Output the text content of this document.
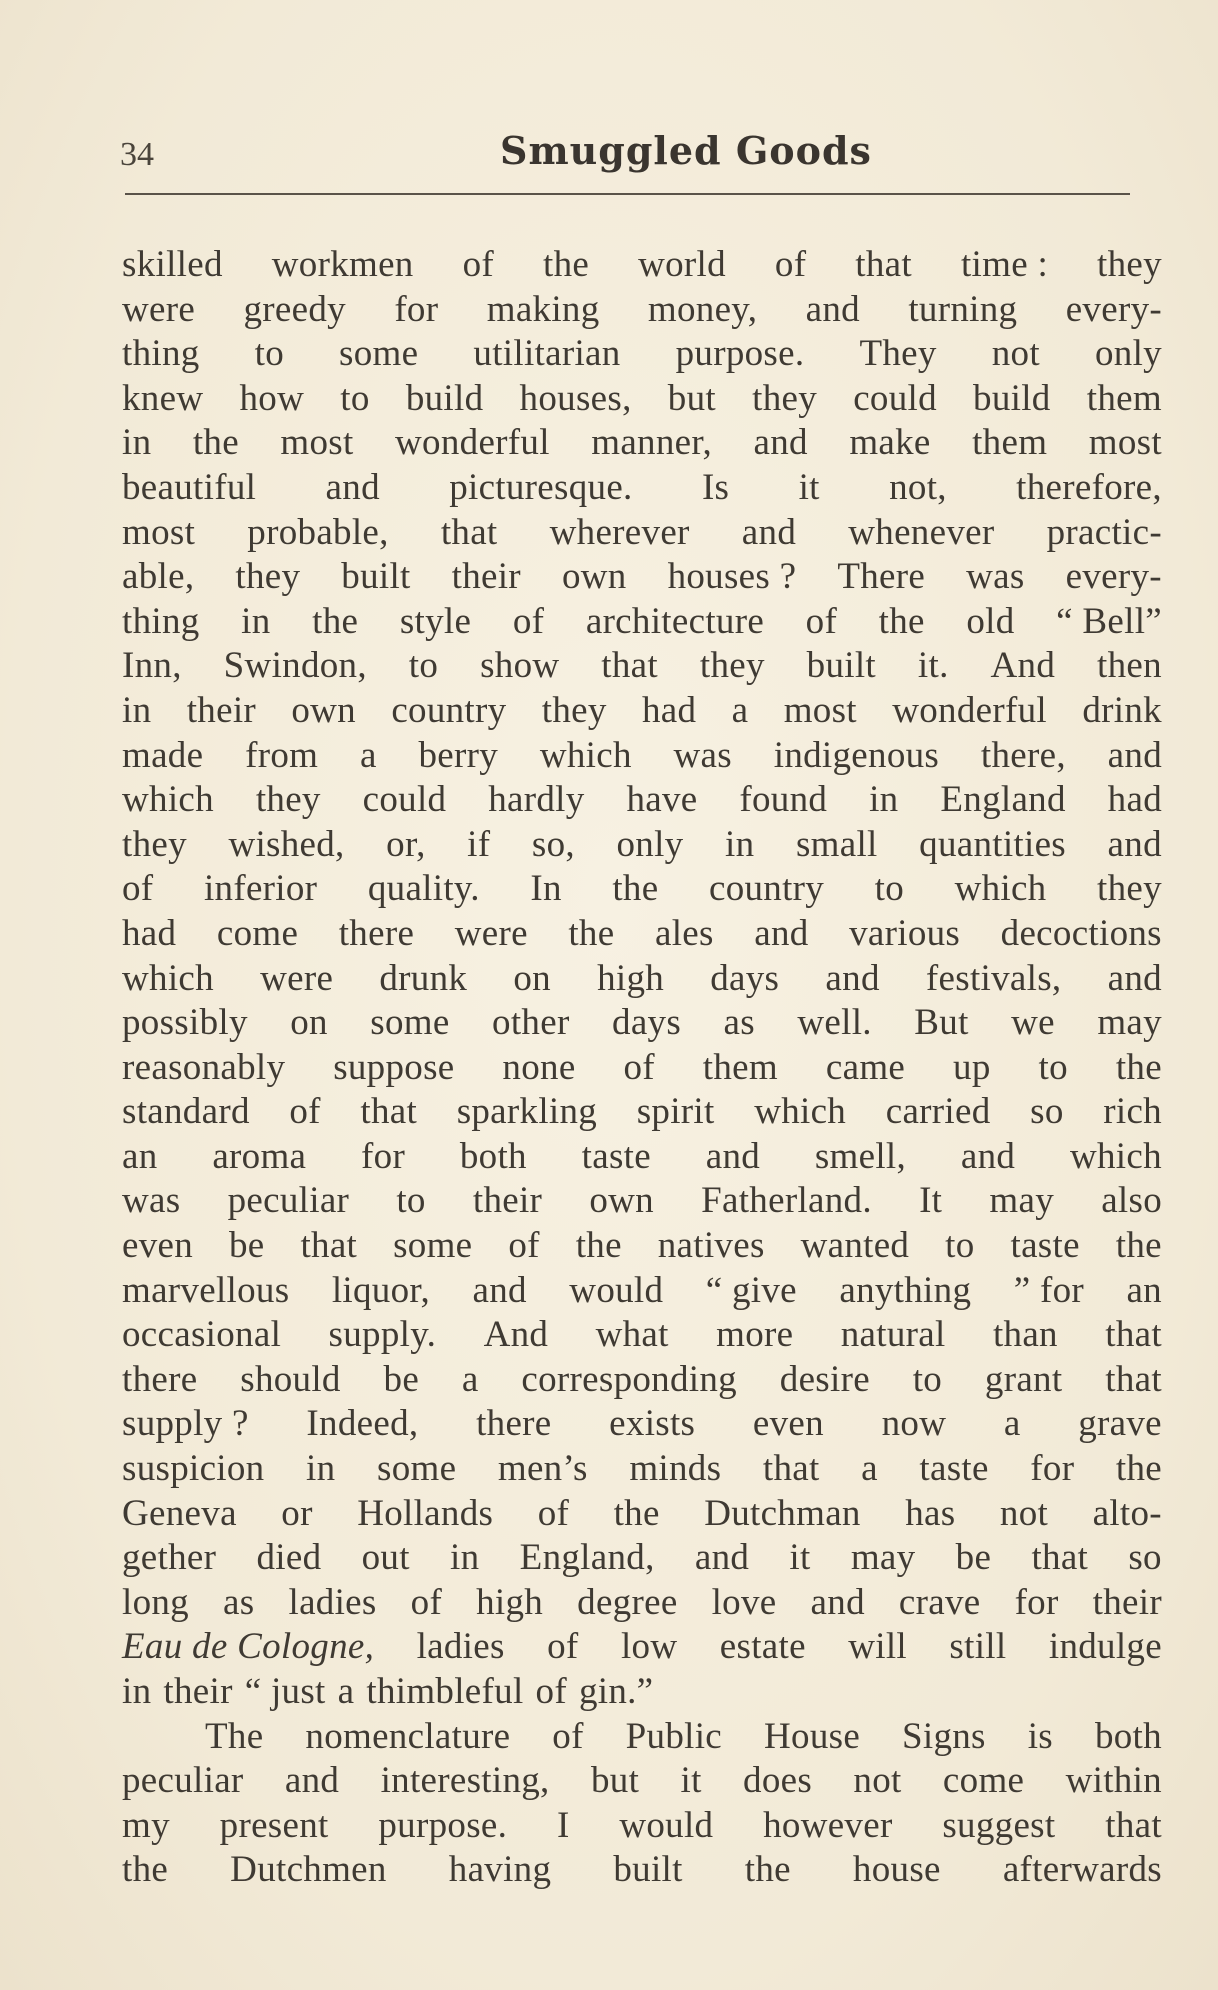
34	Smuggled Goods
skilled workmen of the world of that time : they
were greedy for making money, and turning every-
thing to some utilitarian purpose. They not only
knew how to build houses, but they could build them
in the most wonderful manner, and make them most
beautiful and picturesque. Is it not, therefore,
most probable, that wherever and whenever practic-
able, they built their own houses ? There was every-
thing in the style of architecture of the old “ Bell”
Inn, Swindon, to show that they built it. And then
in their own country they had a most wonderful drink
made from a berry which was indigenous there, and
which they could hardly have found in England had
they wished, or, if so, only in small quantities and
of inferior quality. In the country to which they
had come there were the ales and various decoctions
which were drunk on high days and festivals, and
possibly on some other days as well. But we may
reasonably suppose none of them came up to the
standard of that sparkling spirit which carried so rich
an aroma for both taste and smell, and which
was peculiar to their own Fatherland. It may also
even be that some of the natives wanted to taste the
marvellous liquor, and would “ give anything ” for an
occasional supply. And what more natural than that
there should be a corresponding desire to grant that
supply ? Indeed, there exists even now a grave
suspicion in some men’s minds that a taste for the
Geneva or Hollands of the Dutchman has not alto-
gether died out in England, and it may be that so
long as ladies of high degree love and crave for their
Eau de Cologne, ladies of low estate will still indulge
in their “ just a thimbleful of gin.”
The nomenclature of Public House Signs is both
peculiar and interesting, but it does not come within
my present purpose. I would however suggest that
the Dutchmen having built the house afterwards
